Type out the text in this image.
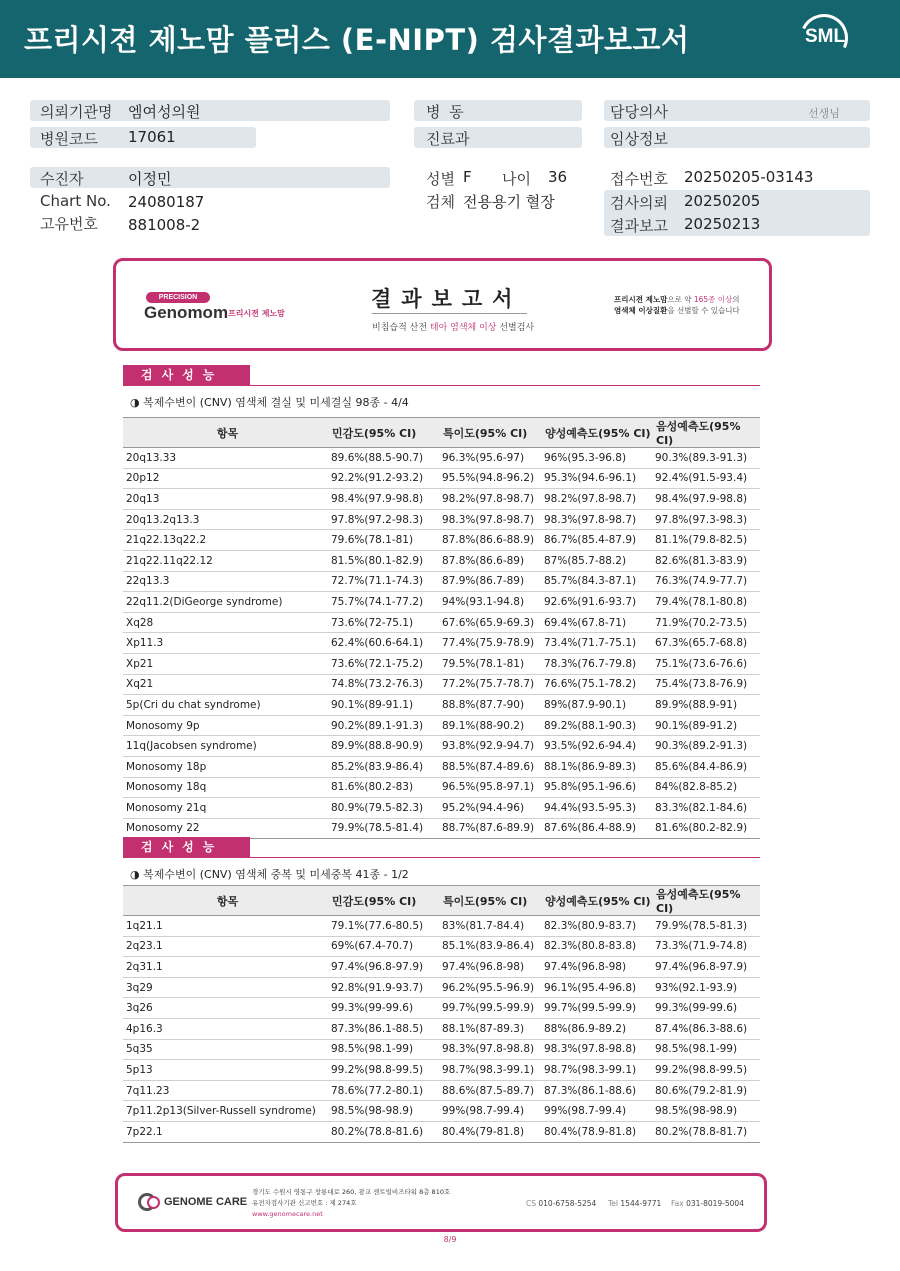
프리시젼 제노맘 플러스 (E-NIPT) 검사결과보고서	SML
의뢰기관명 엠여성의원
병원코드 17061
병 동
진료과
담당의사	선생님
임상정보
수진자	이정민
Chart No. 24080187
고유번호 881008-2
성별 F 나이 36
검체 전용용기 혈장
접수번호 20250205-03143
검사의뢰 20250205
결과보고 20250213
PRECISION
Genomom 프리시젼 제노맘
결과보고서
비침습적 산전 태아 염색체 이상 선별검사
프리시젼 제노맘으로 약 165종 이상의
염색체 이상질환을 선별할 수 있습니다
검사성능
◑ 복제수변이 (CNV) 염색체 결실 및 미세결실 98종 - 4/4
항목	민감도(95% CI)	특이도(95% CI)	양성예측도(95% CI)	음성예측도(95% CI)
20q13.33	89.6%(88.5-90.7)	96.3%(95.6-97)	96%(95.3-96.8)	90.3%(89.3-91.3)
20p12	92.2%(91.2-93.2)	95.5%(94.8-96.2)	95.3%(94.6-96.1)	92.4%(91.5-93.4)
20q13	98.4%(97.9-98.8)	98.2%(97.8-98.7)	98.2%(97.8-98.7)	98.4%(97.9-98.8)
20q13.2q13.3	97.8%(97.2-98.3)	98.3%(97.8-98.7)	98.3%(97.8-98.7)	97.8%(97.3-98.3)
21q22.13q22.2	79.6%(78.1-81)	87.8%(86.6-88.9)	86.7%(85.4-87.9)	81.1%(79.8-82.5)
21q22.11q22.12	81.5%(80.1-82.9)	87.8%(86.6-89)	87%(85.7-88.2)	82.6%(81.3-83.9)
22q13.3	72.7%(71.1-74.3)	87.9%(86.7-89)	85.7%(84.3-87.1)	76.3%(74.9-77.7)
22q11.2(DiGeorge syndrome)	75.7%(74.1-77.2)	94%(93.1-94.8)	92.6%(91.6-93.7)	79.4%(78.1-80.8)
Xq28	73.6%(72-75.1)	67.6%(65.9-69.3)	69.4%(67.8-71)	71.9%(70.2-73.5)
Xp11.3	62.4%(60.6-64.1)	77.4%(75.9-78.9)	73.4%(71.7-75.1)	67.3%(65.7-68.8)
Xp21	73.6%(72.1-75.2)	79.5%(78.1-81)	78.3%(76.7-79.8)	75.1%(73.6-76.6)
Xq21	74.8%(73.2-76.3)	77.2%(75.7-78.7)	76.6%(75.1-78.2)	75.4%(73.8-76.9)
5p(Cri du chat syndrome)	90.1%(89-91.1)	88.8%(87.7-90)	89%(87.9-90.1)	89.9%(88.9-91)
Monosomy 9p	90.2%(89.1-91.3)	89.1%(88-90.2)	89.2%(88.1-90.3)	90.1%(89-91.2)
11q(Jacobsen syndrome)	89.9%(88.8-90.9)	93.8%(92.9-94.7)	93.5%(92.6-94.4)	90.3%(89.2-91.3)
Monosomy 18p	85.2%(83.9-86.4)	88.5%(87.4-89.6)	88.1%(86.9-89.3)	85.6%(84.4-86.9)
Monosomy 18q	81.6%(80.2-83)	96.5%(95.8-97.1)	95.8%(95.1-96.6)	84%(82.8-85.2)
Monosomy 21q	80.9%(79.5-82.3)	95.2%(94.4-96)	94.4%(93.5-95.3)	83.3%(82.1-84.6)
Monosomy 22	79.9%(78.5-81.4)	88.7%(87.6-89.9)	87.6%(86.4-88.9)	81.6%(80.2-82.9)
검사성능
◑ 복제수변이 (CNV) 염색체 중복 및 미세중복 41종 - 1/2
항목	민감도(95% CI)	특이도(95% CI)	양성예측도(95% CI)	음성예측도(95% CI)
1q21.1	79.1%(77.6-80.5)	83%(81.7-84.4)	82.3%(80.9-83.7)	79.9%(78.5-81.3)
2q23.1	69%(67.4-70.7)	85.1%(83.9-86.4)	82.3%(80.8-83.8)	73.3%(71.9-74.8)
2q31.1	97.4%(96.8-97.9)	97.4%(96.8-98)	97.4%(96.8-98)	97.4%(96.8-97.9)
3q29	92.8%(91.9-93.7)	96.2%(95.5-96.9)	96.1%(95.4-96.8)	93%(92.1-93.9)
3q26	99.3%(99-99.6)	99.7%(99.5-99.9)	99.7%(99.5-99.9)	99.3%(99-99.6)
4p16.3	87.3%(86.1-88.5)	88.1%(87-89.3)	88%(86.9-89.2)	87.4%(86.3-88.6)
5q35	98.5%(98.1-99)	98.3%(97.8-98.8)	98.3%(97.8-98.8)	98.5%(98.1-99)
5p13	99.2%(98.8-99.5)	98.7%(98.3-99.1)	98.7%(98.3-99.1)	99.2%(98.8-99.5)
7q11.23	78.6%(77.2-80.1)	88.6%(87.5-89.7)	87.3%(86.1-88.6)	80.6%(79.2-81.9)
7p11.2p13(Silver-Russell syndrome)	98.5%(98-98.9)	99%(98.7-99.4)	99%(98.7-99.4)	98.5%(98-98.9)
7p22.1	80.2%(78.8-81.6)	80.4%(79-81.8)	80.4%(78.9-81.8)	80.2%(78.8-81.7)
GENOME CARE
경기도 수원시 영통구 창룡대로 260, 광교 센트럴비즈타워 8층 810호
유전자검사기관 신고번호 : 제 274호
www.genomecare.net
CS 010-6758-5254 Tel 1544-9771 Fax 031-8019-5004
8/9
